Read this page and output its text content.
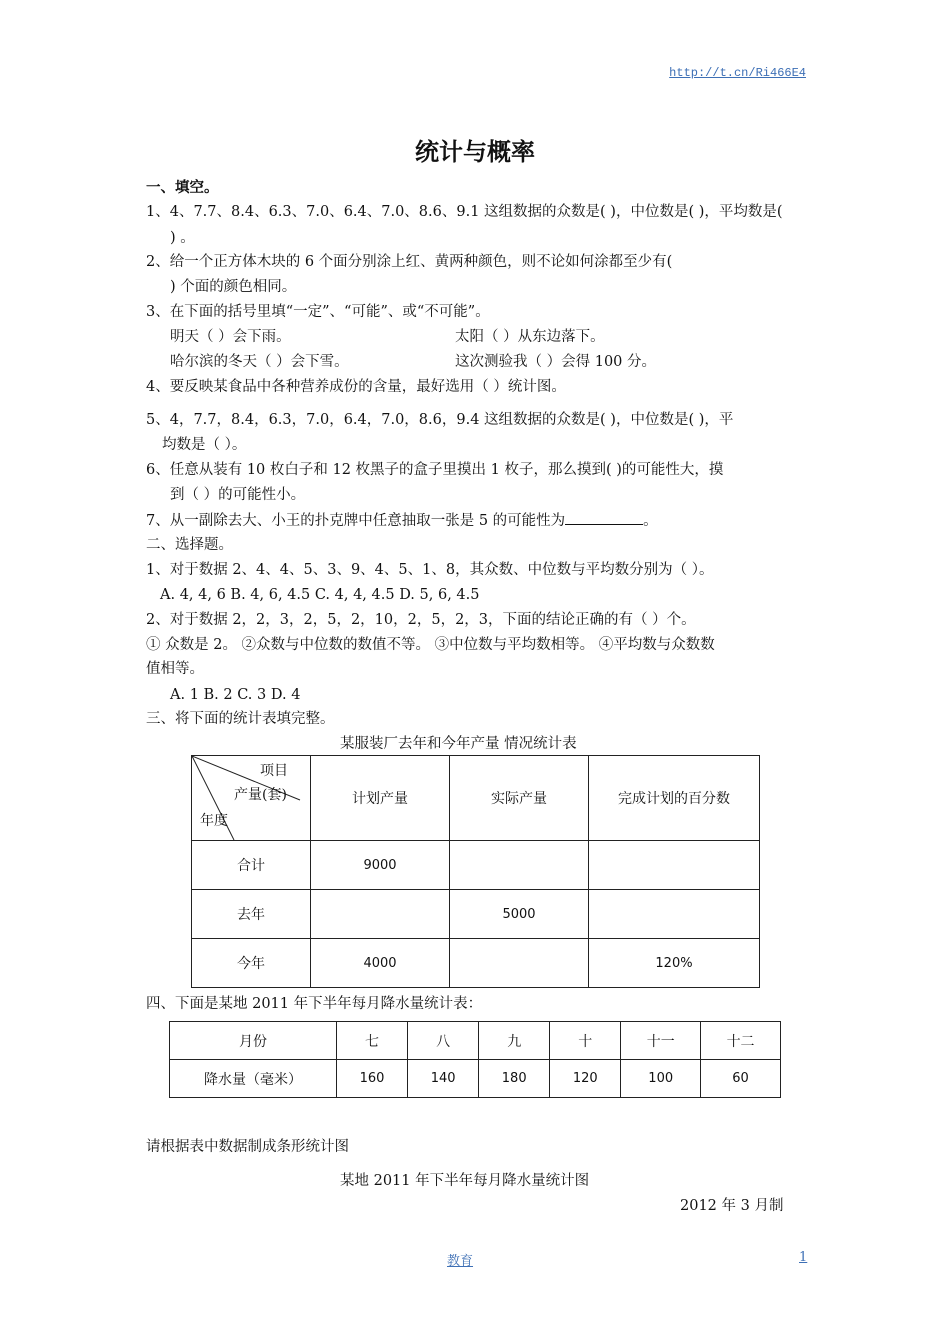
http://t.cn/Ri466E4
统计与概率
一、填空。
1、4、7.7、8.4、6.3、7.0、6.4、7.0、8.6、9.1 这组数据的众数是( )，中位数是( )，平均数是(
) 。
2、给一个正方体木块的 6 个面分别涂上红、黄两种颜色，则不论如何涂都至少有(
) 个面的颜色相同。
3、在下面的括号里填“一定”、“可能”、或“不可能”。
明天（ ）会下雨。	太阳（ ）从东边落下。
哈尔滨的冬天（ ）会下雪。	这次测验我（ ）会得 100 分。
4、要反映某食品中各种营养成份的含量，最好选用（ ）统计图。
5、4，7.7，8.4，6.3，7.0，6.4，7.0，8.6，9.4 这组数据的众数是( )，中位数是( )，平
均数是（ ）。
6、任意从装有 10 枚白子和 12 枚黑子的盒子里摸出 1 枚子，那么摸到( )的可能性大，摸
到（ ）的可能性小。
7、从一副除去大、小王的扑克牌中任意抽取一张是 5 的可能性为	。
二、选择题。
1、对于数据 2、4、4、5、3、9、4、5、1、8，其众数、中位数与平均数分别为（ ）。
A. 4, 4, 6 B. 4, 6, 4.5 C. 4, 4, 4.5 D. 5, 6, 4.5
2、对于数据 2，2，3，2，5，2，10，2，5，2，3，下面的结论正确的有（ ）个。
① 众数是 2。 ②众数与中位数的数值不等。 ③中位数与平均数相等。 ④平均数与众数数
值相等。
A. 1 B. 2 C. 3 D. 4
三、将下面的统计表填完整。
某服装厂去年和今年产量 情况统计表
项目
产量(套)
年度	计划产量	实际产量	完成计划的百分数
合计	9000		
去年		5000	
今年	4000		120%
四、下面是某地 2011 年下半年每月降水量统计表：
月份	七	八	九	十	十一	十二
降水量（毫米）	160	140	180	120	100	60
请根据表中数据制成条形统计图
某地 2011 年下半年每月降水量统计图
2012 年 3 月制
教育	1
